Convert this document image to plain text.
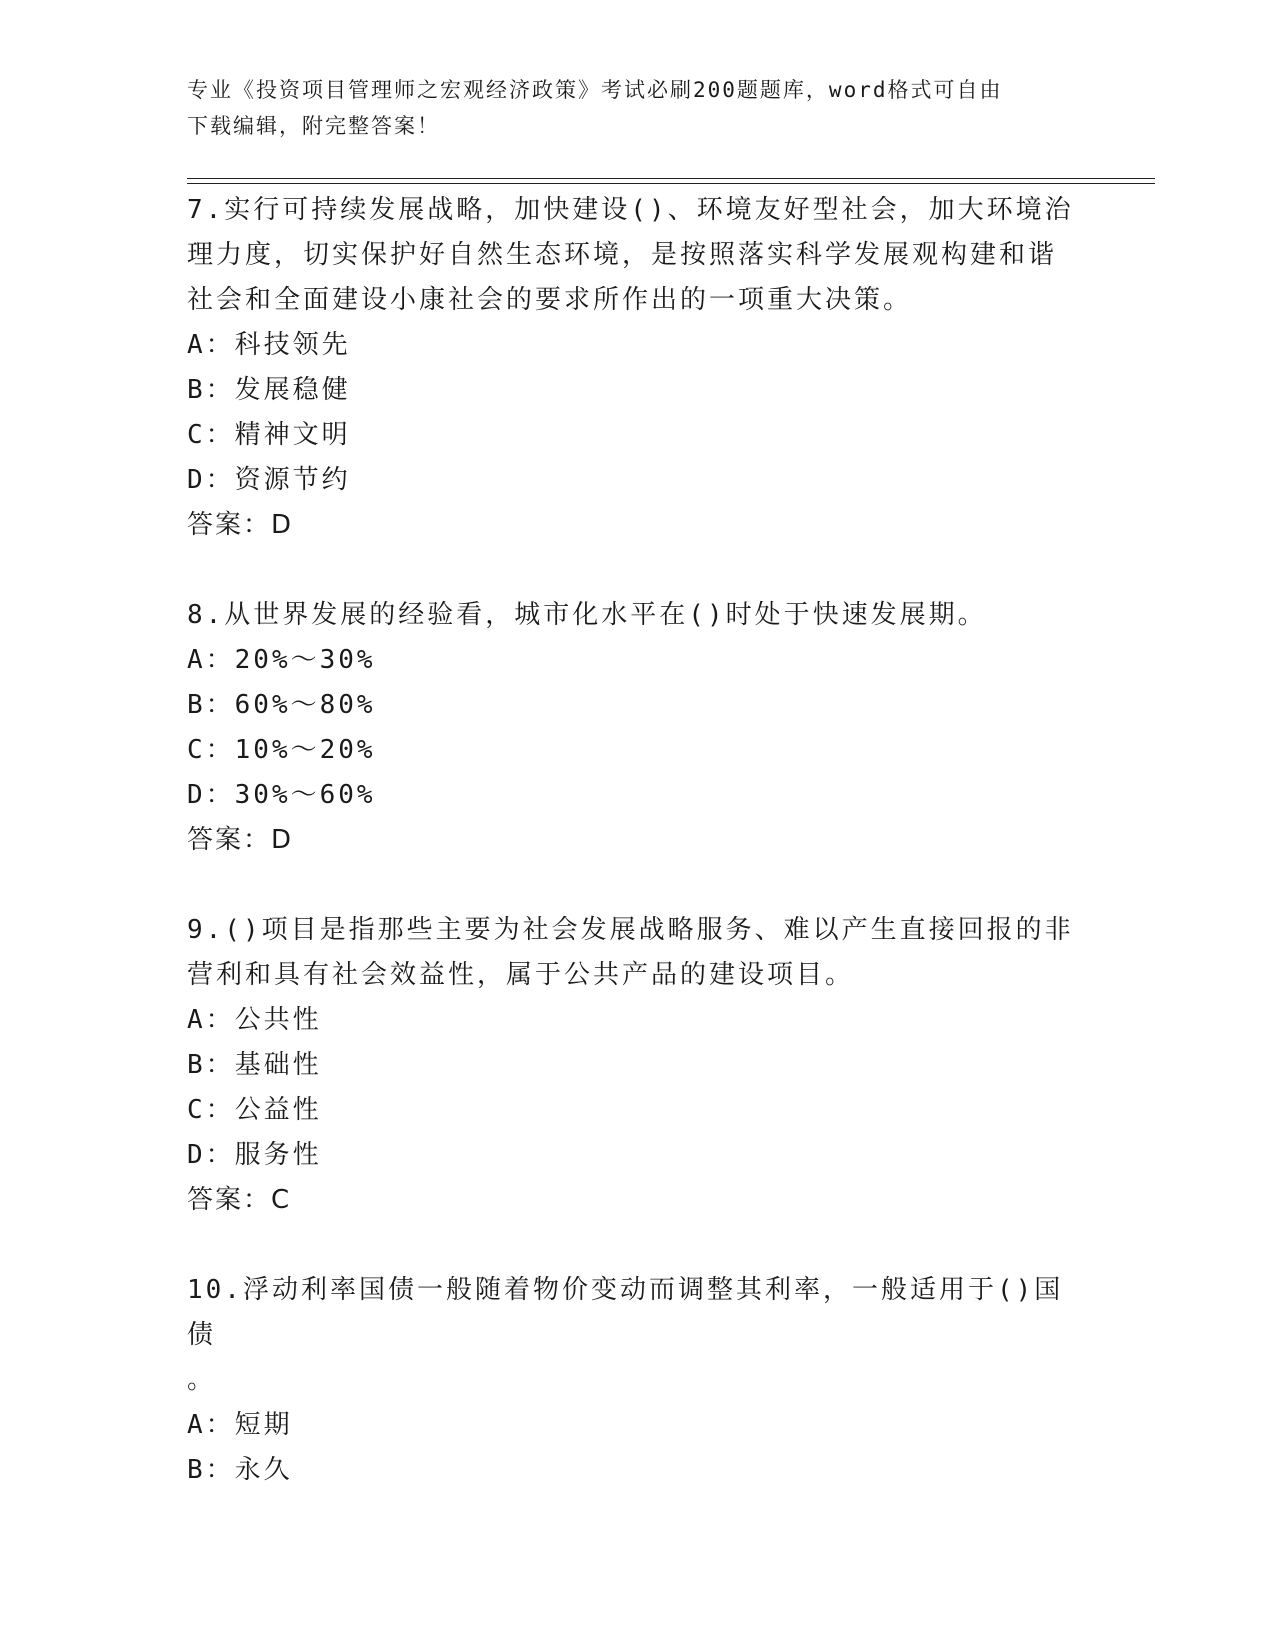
专业《投资项目管理师之宏观经济政策》考试必刷200题题库，word格式可自由
下载编辑，附完整答案！
7.实行可持续发展战略，加快建设()、环境友好型社会，加大环境治
理力度，切实保护好自然生态环境，是按照落实科学发展观构建和谐
社会和全面建设小康社会的要求所作出的一项重大决策。
A：科技领先
B：发展稳健
C：精神文明
D：资源节约
答案：D
8.从世界发展的经验看，城市化水平在()时处于快速发展期。
A：20%～30%
B：60%～80%
C：10%～20%
D：30%～60%
答案：D
9.()项目是指那些主要为社会发展战略服务、难以产生直接回报的非
营利和具有社会效益性，属于公共产品的建设项目。
A：公共性
B：基础性
C：公益性
D：服务性
答案：C
10.浮动利率国债一般随着物价变动而调整其利率，一般适用于()国债
。
A：短期
B：永久
